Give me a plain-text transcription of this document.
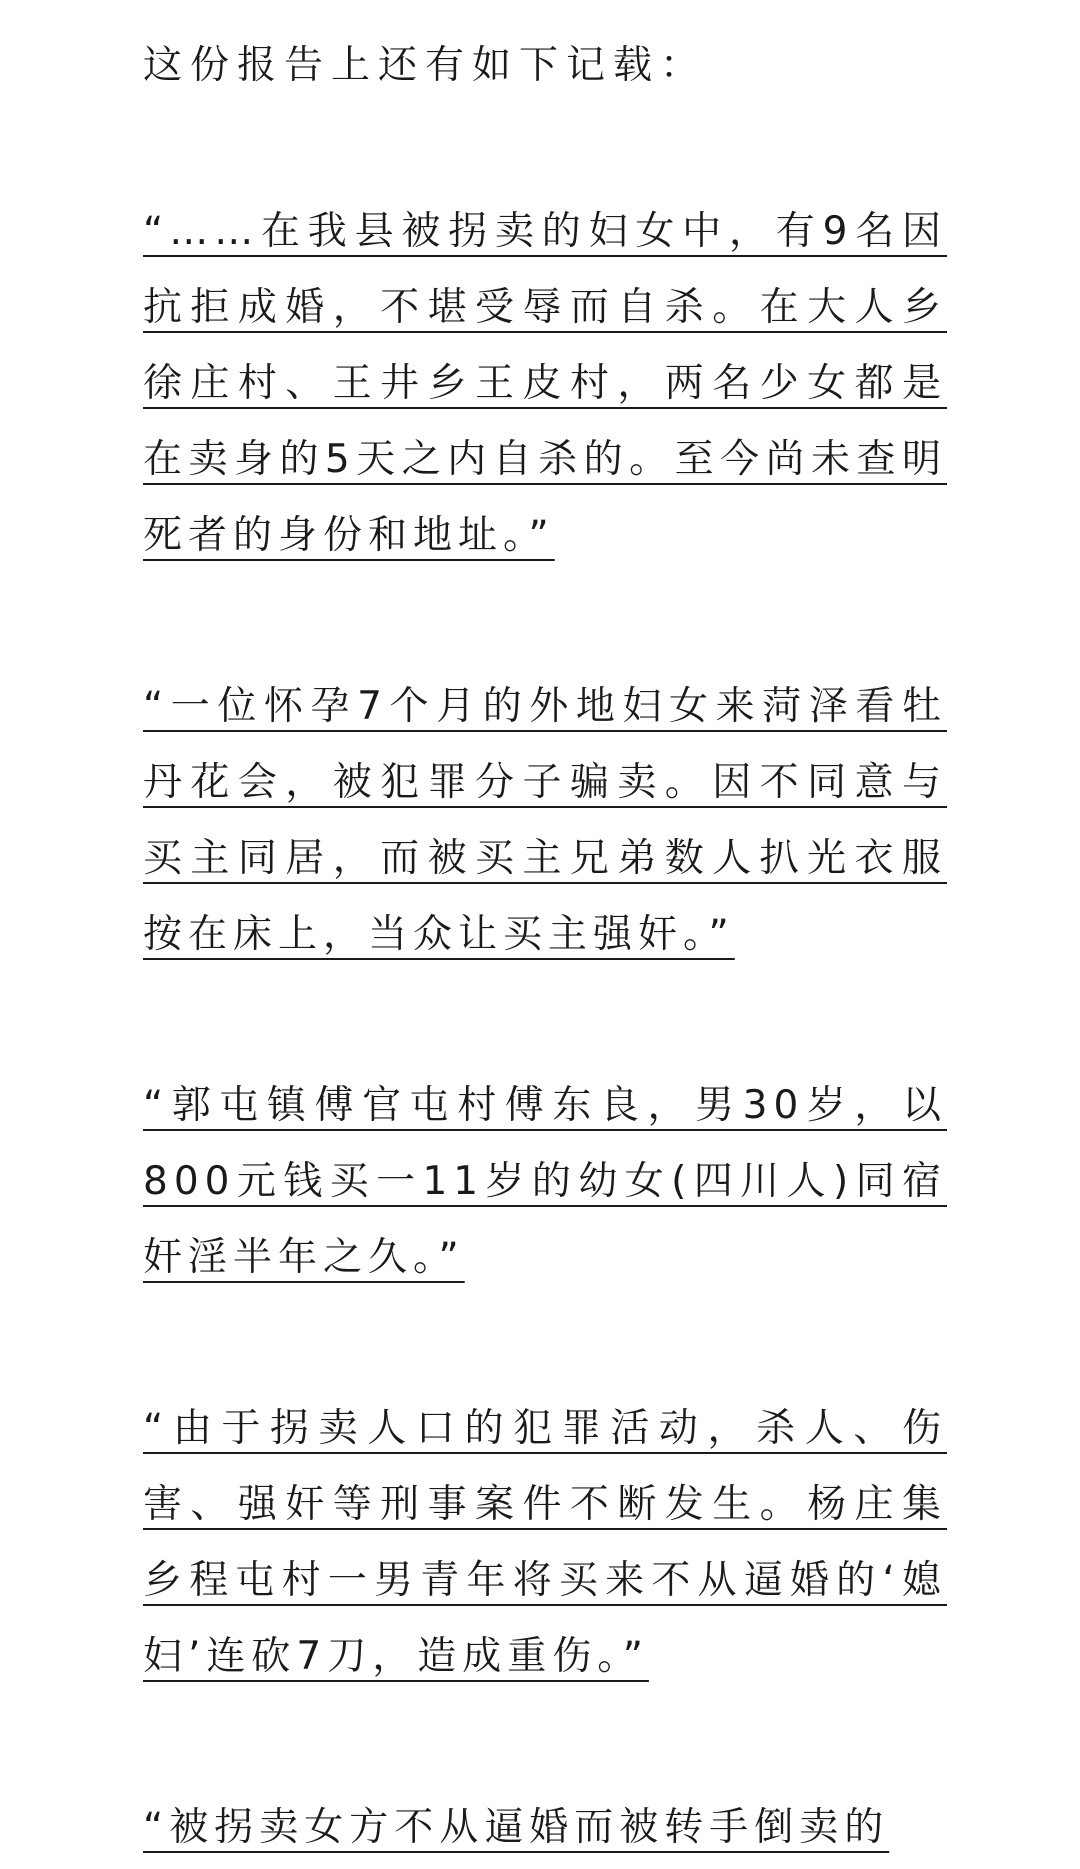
这份报告上还有如下记载：

“……在我县被拐卖的妇女中，有9名因抗拒成婚，不堪受辱而自杀。在大人乡徐庄村、王井乡王皮村，两名少女都是在卖身的5天之内自杀的。至今尚未查明死者的身份和地址。”

“一位怀孕7个月的外地妇女来菏泽看牡丹花会，被犯罪分子骗卖。因不同意与买主同居，而被买主兄弟数人扒光衣服按在床上，当众让买主强奸。”

“郭屯镇傅官屯村傅东良，男30岁，以800元钱买一11岁的幼女(四川人)同宿奸淫半年之久。”

“由于拐卖人口的犯罪活动，杀人、伤害、强奸等刑事案件不断发生。杨庄集乡程屯村一男青年将买来不从逼婚的‘媳妇’连砍7刀，造成重伤。”

“被拐卖女方不从逼婚而被转手倒卖的
